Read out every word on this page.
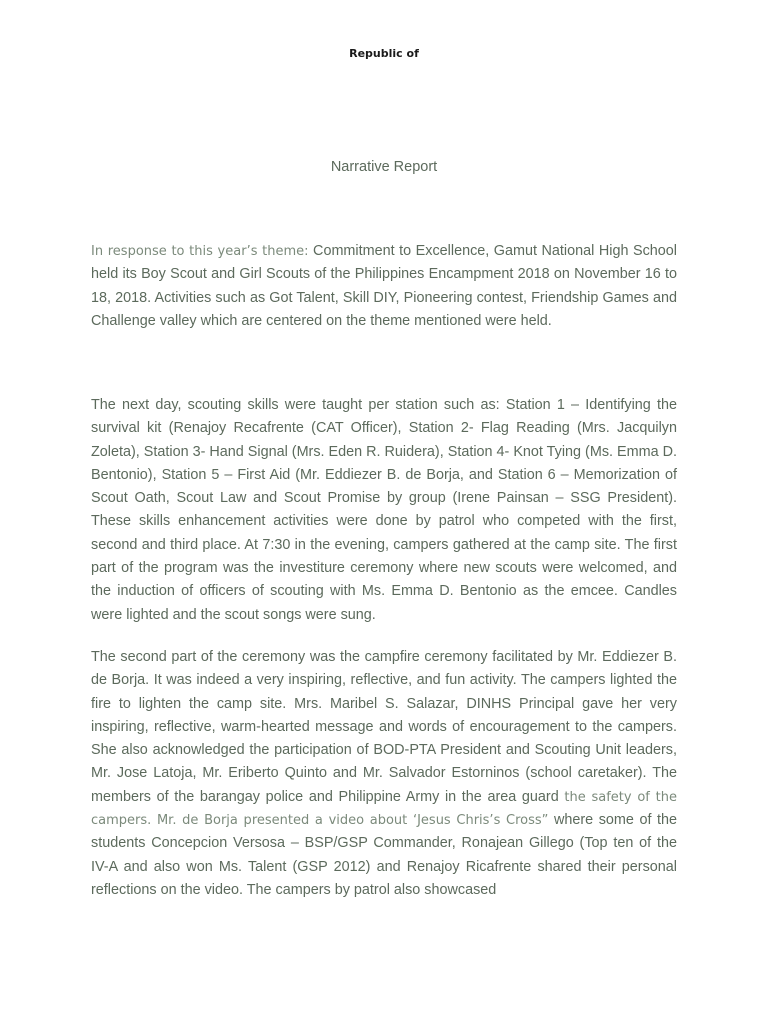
Republic of
Narrative Report

In response to this year’s theme: Commitment to Excellence, Gamut National High School held its Boy Scout and Girl Scouts of the Philippines Encampment 2018 on November 16 to 18, 2018. Activities such as Got Talent, Skill DIY, Pioneering contest, Friendship Games and Challenge valley which are centered on the theme mentioned were held.

The next day, scouting skills were taught per station such as: Station 1 – Identifying the survival kit (Renajoy Recafrente (CAT Officer), Station 2- Flag Reading (Mrs. Jacquilyn Zoleta), Station 3- Hand Signal (Mrs. Eden R. Ruidera), Station 4- Knot Tying (Ms. Emma D. Bentonio), Station 5 – First Aid (Mr. Eddiezer B. de Borja, and Station 6 – Memorization of Scout Oath, Scout Law and Scout Promise by group (Irene Painsan – SSG President). These skills enhancement activities were done by patrol who competed with the first, second and third place. At 7:30 in the evening, campers gathered at the camp site. The first part of the program was the investiture ceremony where new scouts were welcomed, and the induction of officers of scouting with Ms. Emma D. Bentonio as the emcee. Candles were lighted and the scout songs were sung.

The second part of the ceremony was the campfire ceremony facilitated by Mr. Eddiezer B. de Borja. It was indeed a very inspiring, reflective, and fun activity. The campers lighted the fire to lighten the camp site. Mrs. Maribel S. Salazar, DINHS Principal gave her very inspiring, reflective, warm-hearted message and words of encouragement to the campers. She also acknowledged the participation of BOD-PTA President and Scouting Unit leaders, Mr. Jose Latoja, Mr. Eriberto Quinto and Mr. Salvador Estorninos (school caretaker). The members of the barangay police and Philippine Army in the area guard the safety of the campers. Mr. de Borja presented a video about ‘Jesus Chris’s Cross” where some of the students Concepcion Versosa – BSP/GSP Commander, Ronajean Gillego (Top ten of the IV-A and also won Ms. Talent (GSP 2012) and Renajoy Ricafrente shared their personal reflections on the video. The campers by patrol also showcased
